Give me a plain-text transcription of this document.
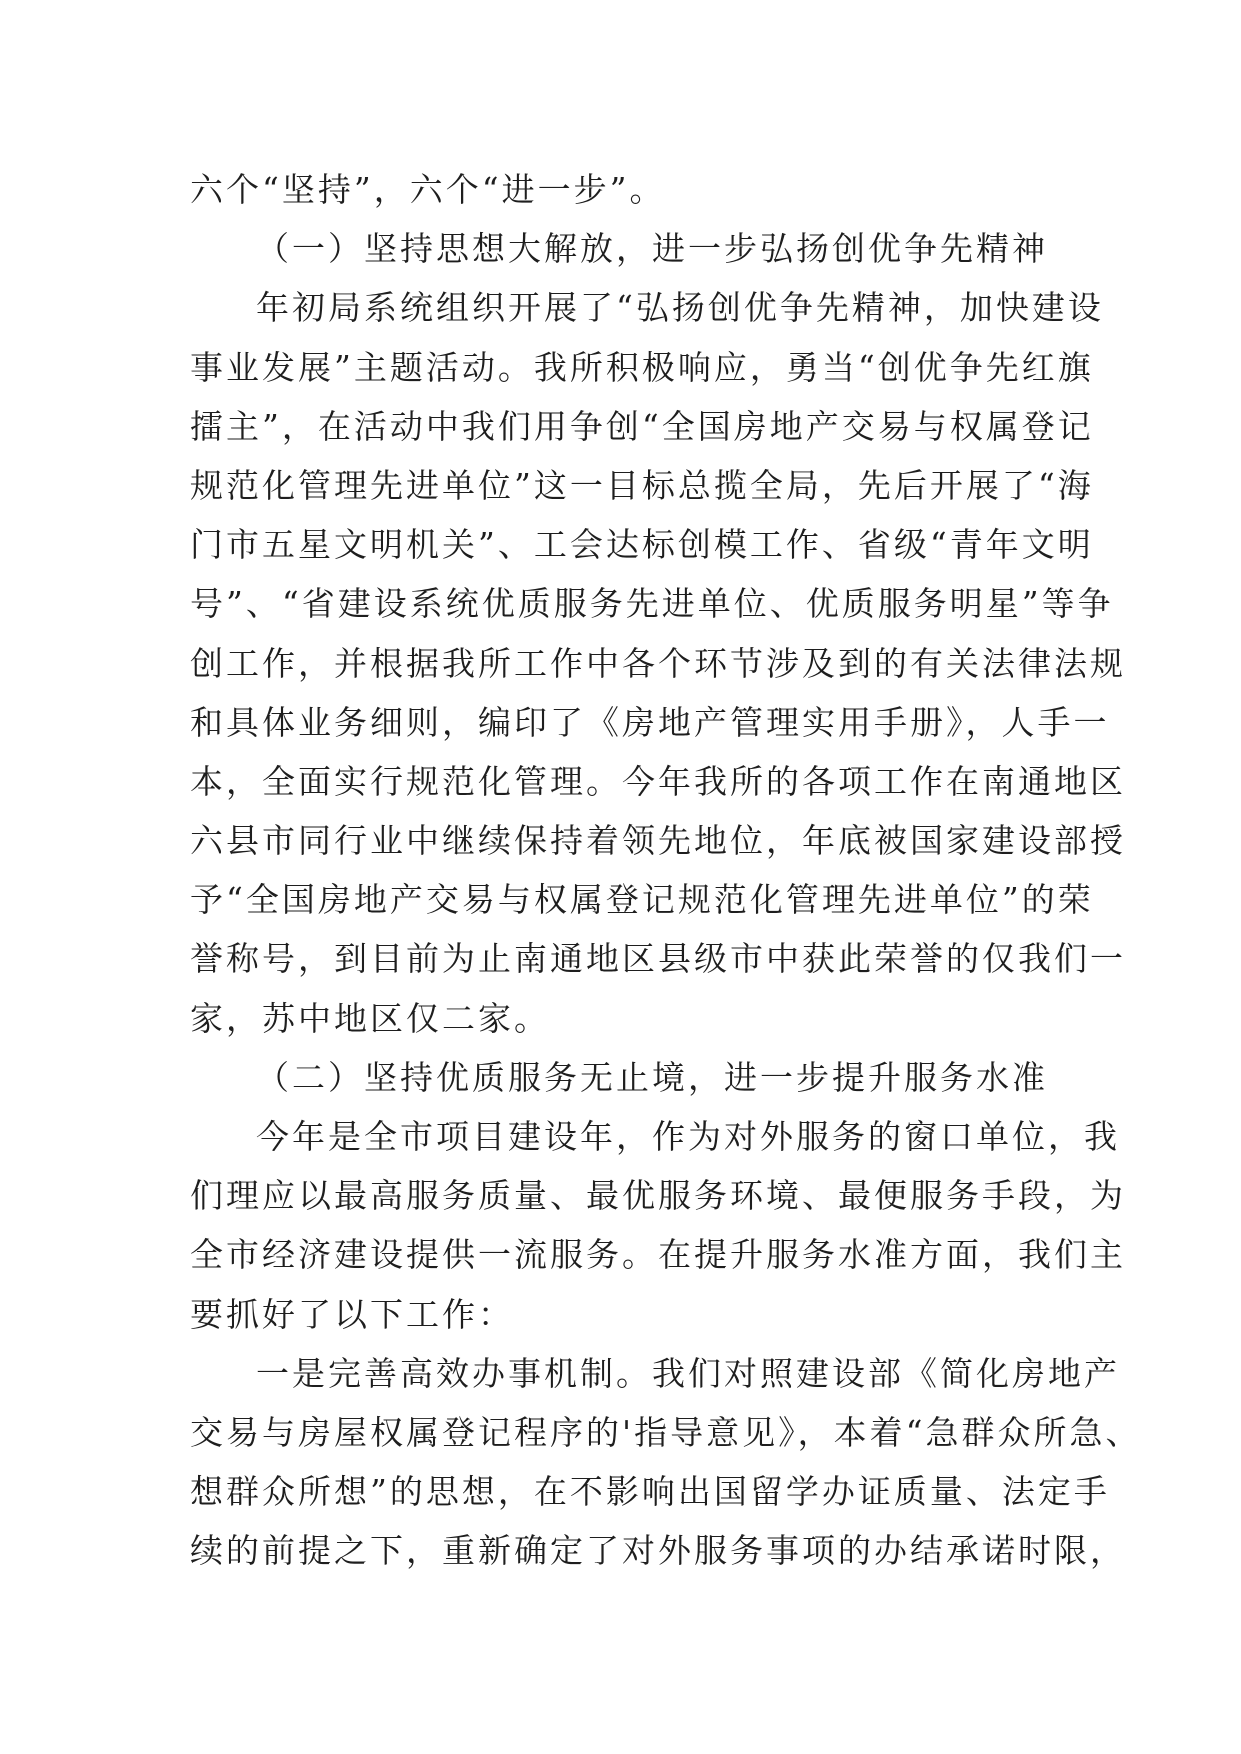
六个“坚持”，六个“进一步”。
（一）坚持思想大解放，进一步弘扬创优争先精神
年初局系统组织开展了“弘扬创优争先精神，加快建设
事业发展”主题活动。我所积极响应，勇当“创优争先红旗
擂主”，在活动中我们用争创“全国房地产交易与权属登记
规范化管理先进单位”这一目标总揽全局，先后开展了“海
门市五星文明机关”、工会达标创模工作、省级“青年文明
号”、“省建设系统优质服务先进单位、优质服务明星”等争
创工作，并根据我所工作中各个环节涉及到的有关法律法规
和具体业务细则，编印了《房地产管理实用手册》，人手一
本，全面实行规范化管理。今年我所的各项工作在南通地区
六县市同行业中继续保持着领先地位，年底被国家建设部授
予“全国房地产交易与权属登记规范化管理先进单位”的荣
誉称号，到目前为止南通地区县级市中获此荣誉的仅我们一
家，苏中地区仅二家。
（二）坚持优质服务无止境，进一步提升服务水准
今年是全市项目建设年，作为对外服务的窗口单位，我
们理应以最高服务质量、最优服务环境、最便服务手段，为
全市经济建设提供一流服务。在提升服务水准方面，我们主
要抓好了以下工作：
一是完善高效办事机制。我们对照建设部《简化房地产
交易与房屋权属登记程序的'指导意见》，本着“急群众所急、
想群众所想”的思想，在不影响出国留学办证质量、法定手
续的前提之下，重新确定了对外服务事项的办结承诺时限，
